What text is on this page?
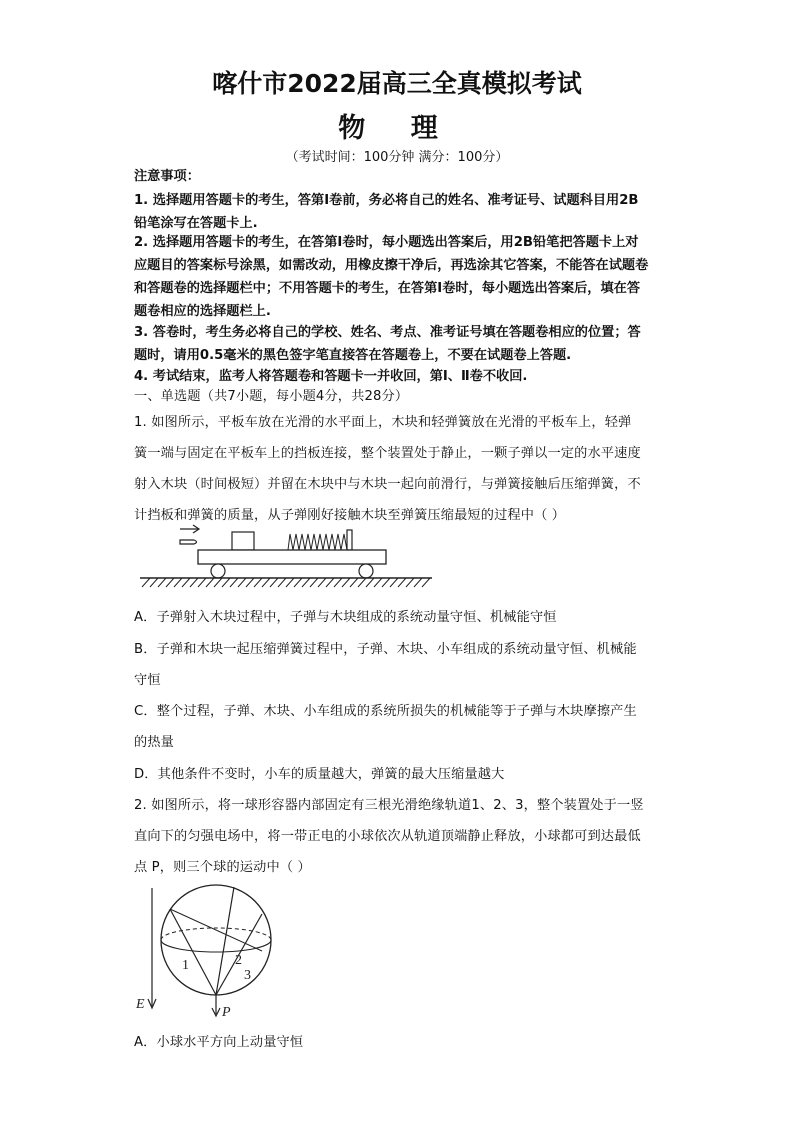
喀什市2022届高三全真模拟考试
物 理
（考试时间：100分钟 满分：100分）
注意事项：
1. 选择题用答题卡的考生，答第Ⅰ卷前，务必将自己的姓名、准考证号、试题科目用2B
铅笔涂写在答题卡上.
2. 选择题用答题卡的考生，在答第Ⅰ卷时，每小题选出答案后，用2B铅笔把答题卡上对
应题目的答案标号涂黑，如需改动，用橡皮擦干净后，再选涂其它答案，不能答在试题卷
和答题卷的选择题栏中；不用答题卡的考生，在答第Ⅰ卷时，每小题选出答案后，填在答
题卷相应的选择题栏上.
3. 答卷时，考生务必将自己的学校、姓名、考点、准考证号填在答题卷相应的位置；答
题时，请用0.5毫米的黑色签字笔直接答在答题卷上，不要在试题卷上答题.
4. 考试结束，监考人将答题卷和答题卡一并收回，第Ⅰ、Ⅱ卷不收回.
一、单选题（共7小题，每小题4分，共28分）
1. 如图所示，平板车放在光滑的水平面上，木块和轻弹簧放在光滑的平板车上，轻弹
簧一端与固定在平板车上的挡板连接，整个装置处于静止，一颗子弹以一定的水平速度
射入木块（时间极短）并留在木块中与木块一起向前滑行，与弹簧接触后压缩弹簧，不
计挡板和弹簧的质量，从子弹刚好接触木块至弹簧压缩最短的过程中（ ）
A．子弹射入木块过程中，子弹与木块组成的系统动量守恒、机械能守恒
B．子弹和木块一起压缩弹簧过程中，子弹、木块、小车组成的系统动量守恒、机械能
守恒
C．整个过程，子弹、木块、小车组成的系统所损失的机械能等于子弹与木块摩擦产生
的热量
D．其他条件不变时，小车的质量越大，弹簧的最大压缩量越大
2. 如图所示，将一球形容器内部固定有三根光滑绝缘轨道1、2、3，整个装置处于一竖
直向下的匀强电场中，将一带正电的小球依次从轨道顶端静止释放，小球都可到达最低
点 P，则三个球的运动中（ ）
E
1	2
3
P
A．小球水平方向上动量守恒
